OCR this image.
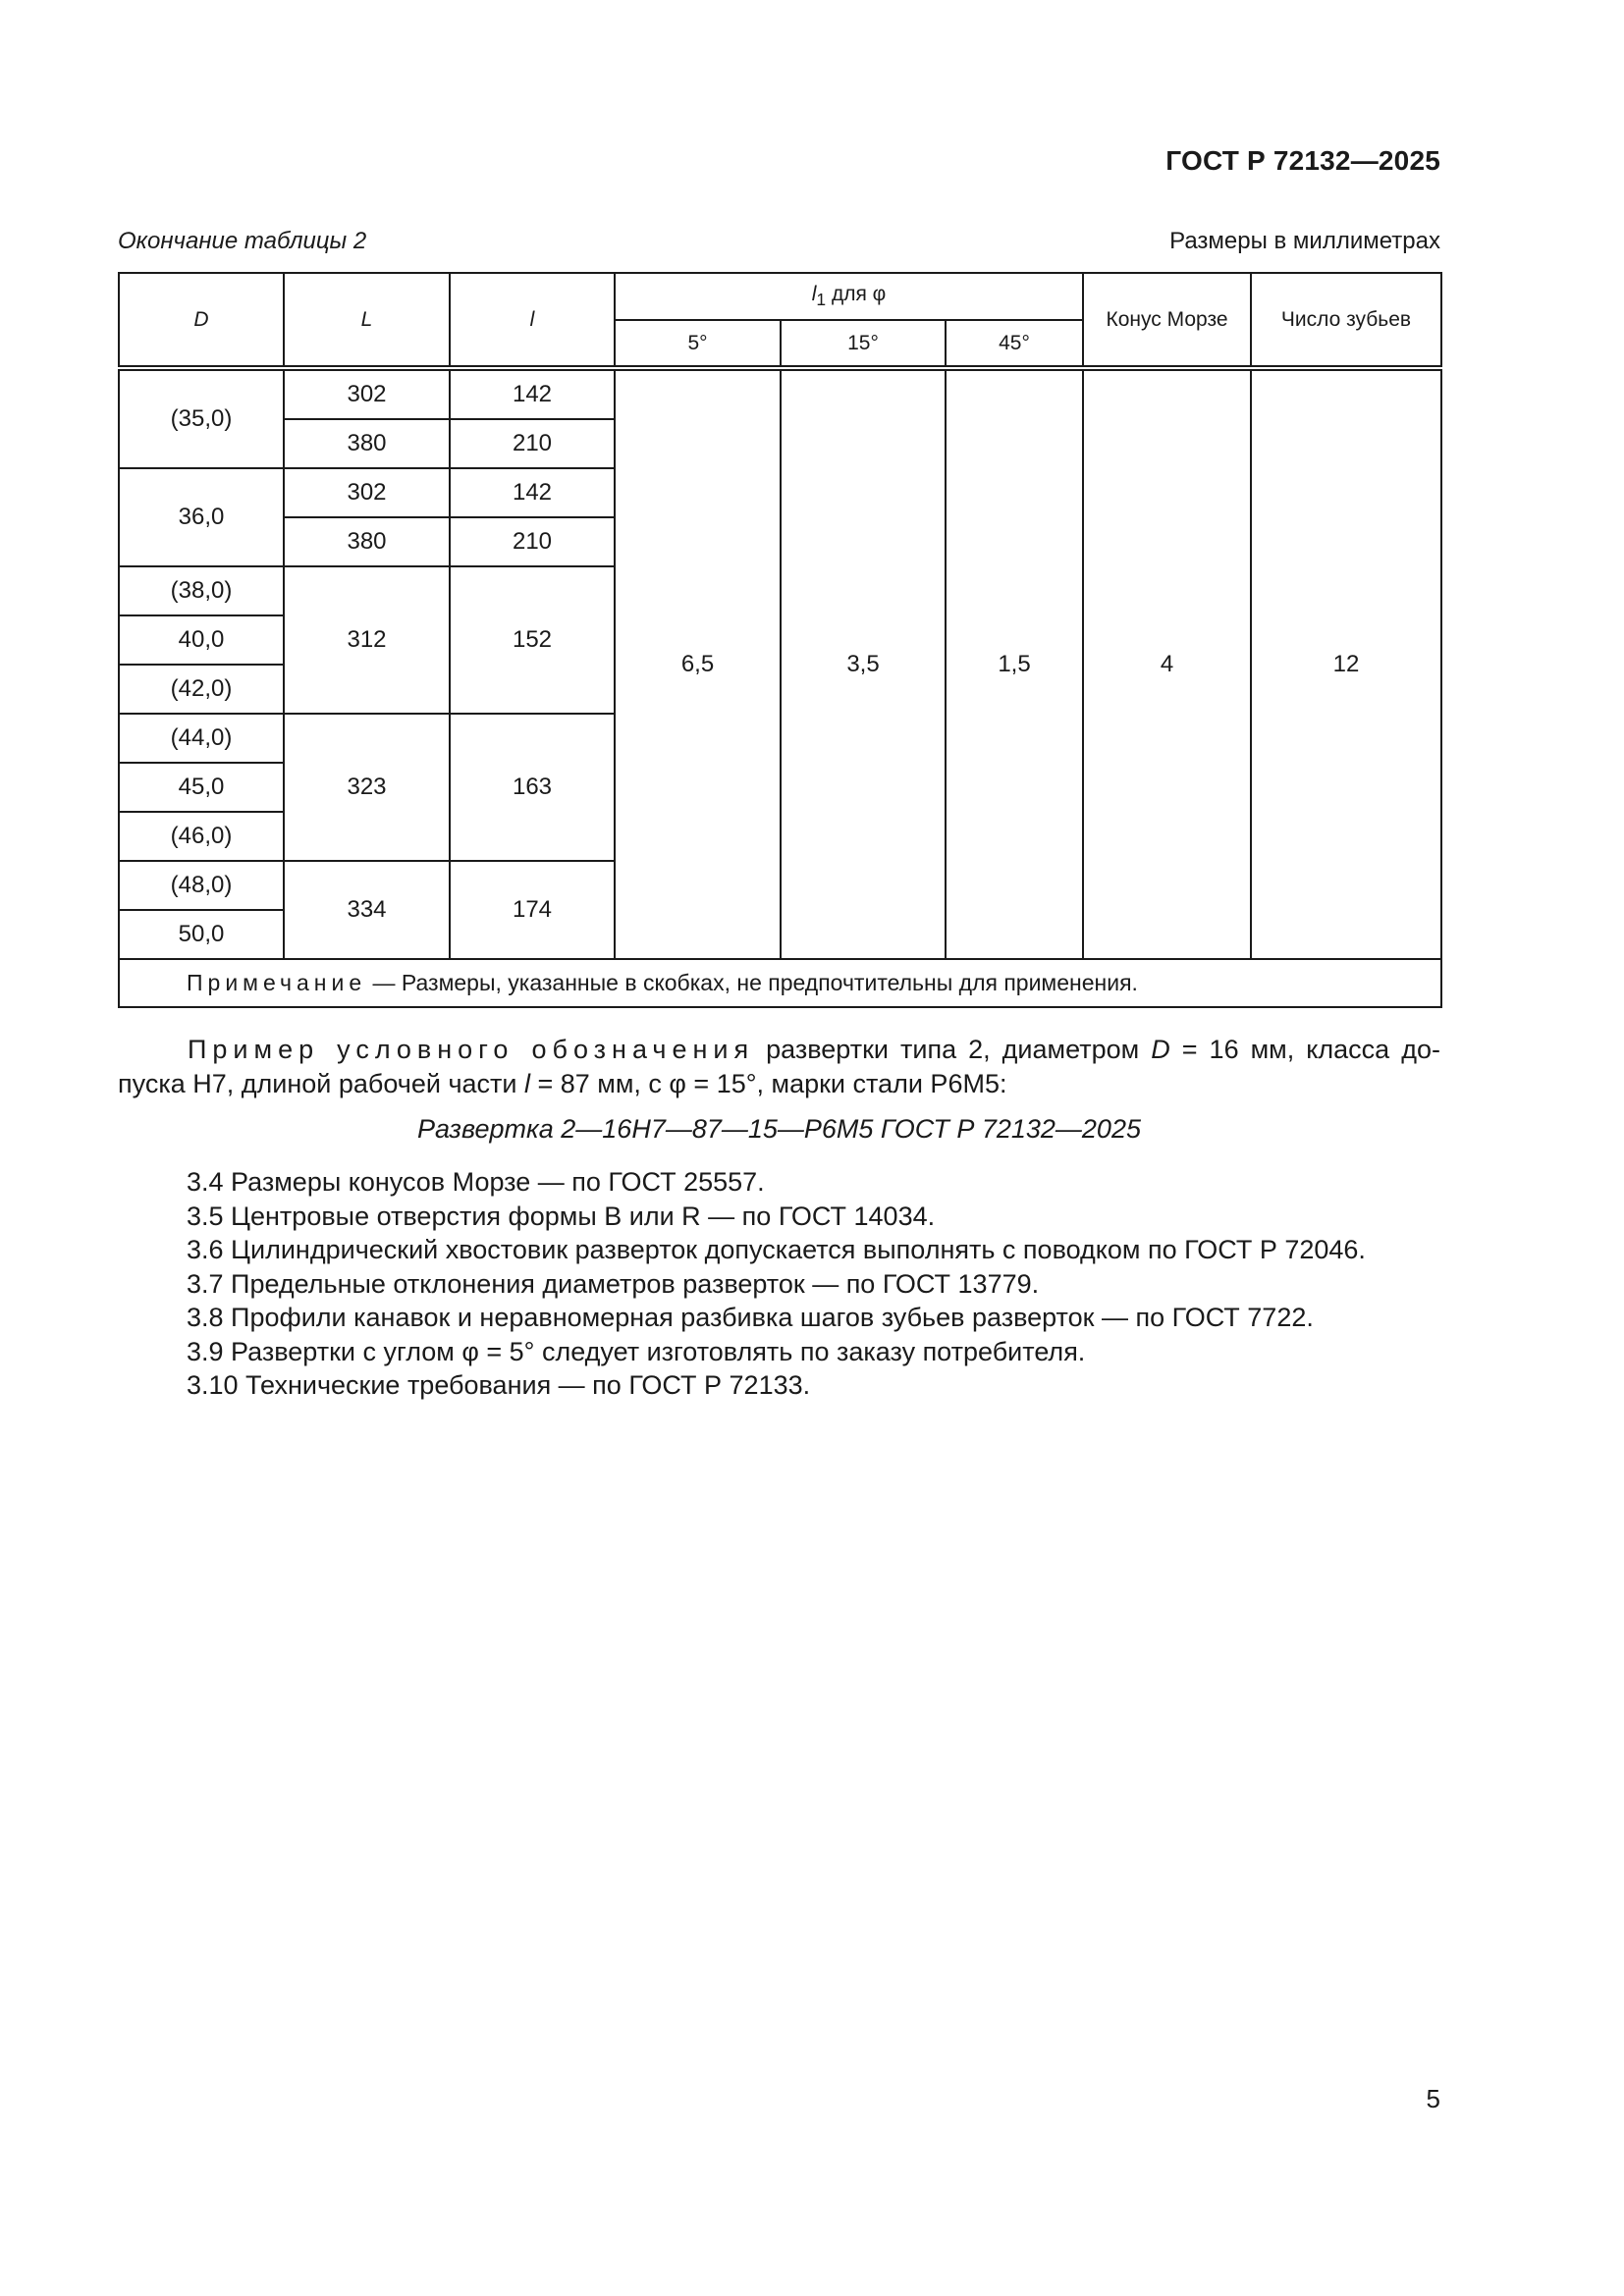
ГОСТ Р 72132—2025
Окончание таблицы 2	Размеры в миллиметрах
D	L	l	$l_1$ для φ			Конус Морзе	Число зубьев
			5°	15°	45°		
(35,0)	302	142	6,5	3,5	1,5	4	12
	380	210					
36,0	302	142					
	380	210					
(38,0)	312	152					
40,0							
(42,0)							
(44,0)	323	163					
45,0							
(46,0)							
(48,0)	334	174					
50,0							
Примечание — Размеры, указанные в скобках, не предпочтительны для применения.							
Пример условного обозначения развертки типа 2, диаметром D = 16 мм, класса до-пуска Н7, длиной рабочей части l = 87 мм, с φ = 15°, марки стали Р6М5:
Развертка 2—16Н7—87—15—Р6М5 ГОСТ Р 72132—2025
3.4 Размеры конусов Морзе — по ГОСТ 25557.
3.5 Центровые отверстия формы В или R — по ГОСТ 14034.
3.6 Цилиндрический хвостовик разверток допускается выполнять с поводком по ГОСТ Р 72046.
3.7 Предельные отклонения диаметров разверток — по ГОСТ 13779.
3.8 Профили канавок и неравномерная разбивка шагов зубьев разверток — по ГОСТ 7722.
3.9 Развертки с углом φ = 5° следует изготовлять по заказу потребителя.
3.10 Технические требования — по ГОСТ Р 72133.
5
